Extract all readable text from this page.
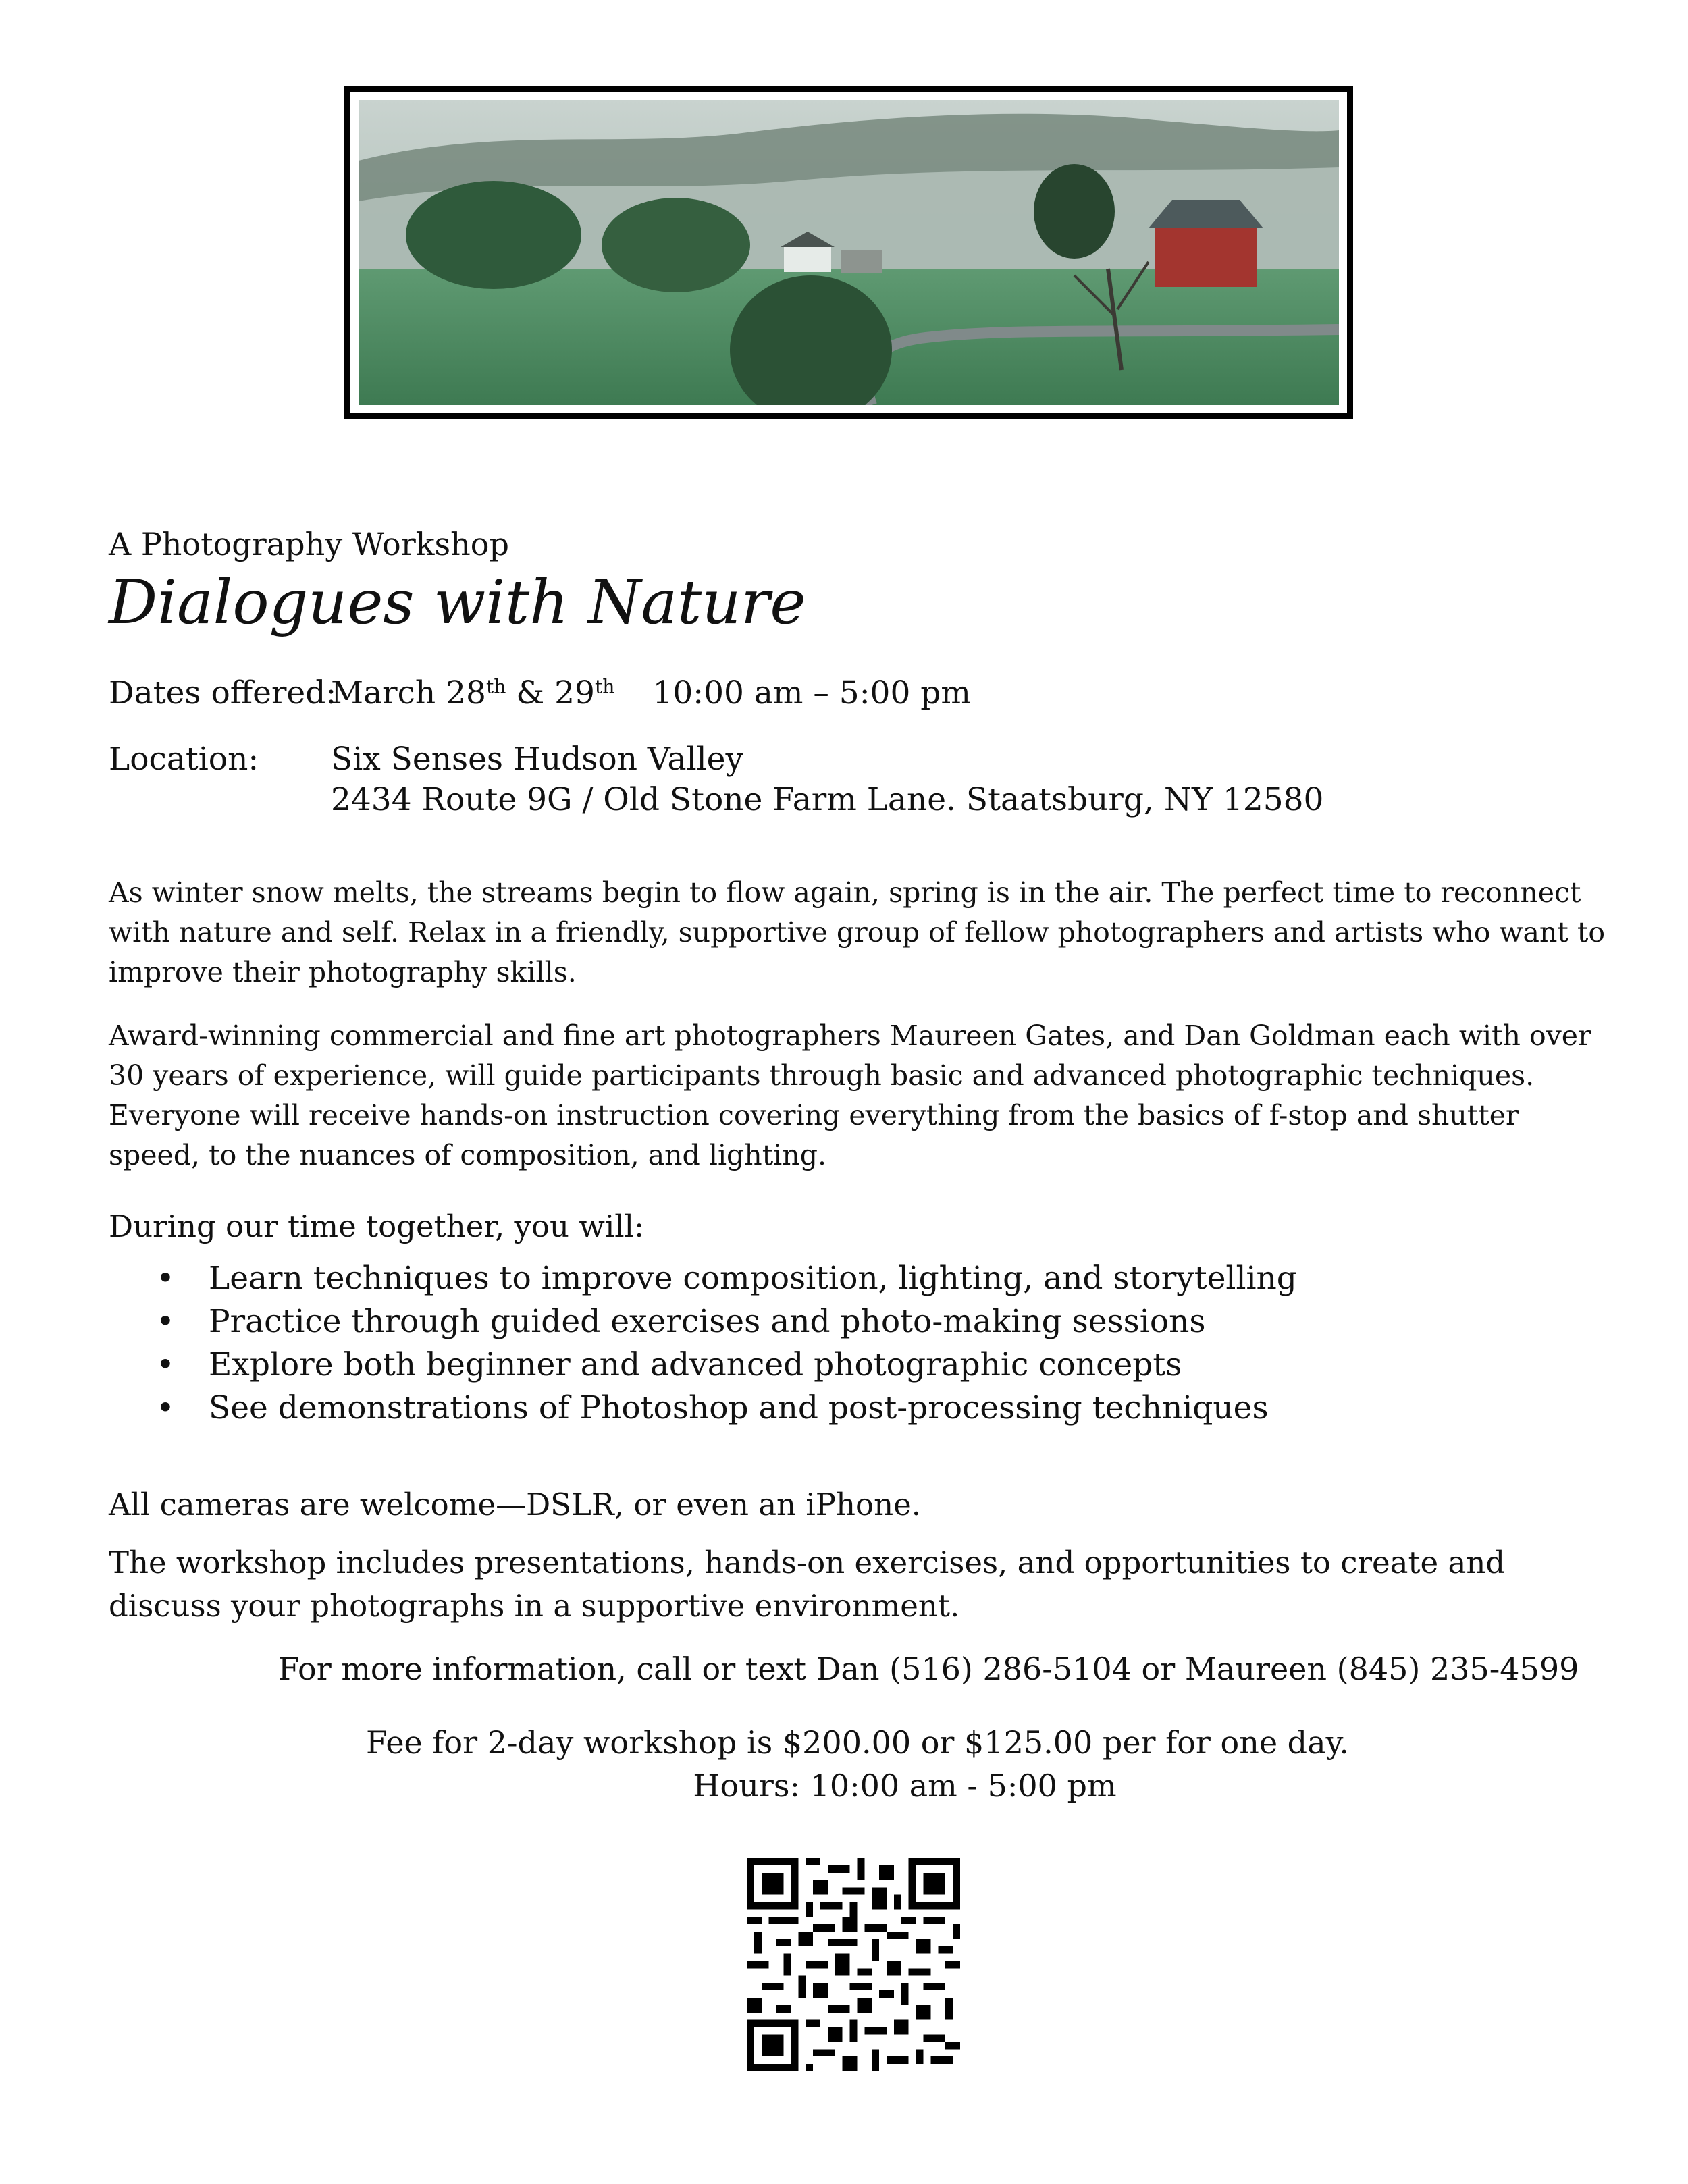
A Photography Workshop
Dialogues with Nature
Dates offered:
March 28th & 29th 10:00 am – 5:00 pm
Location: Six Senses Hudson Valley
2434 Route 9G / Old Stone Farm Lane. Staatsburg, NY 12580

As winter snow melts, the streams begin to flow again, spring is in the air. The perfect time to reconnect with nature and self. Relax in a friendly, supportive group of fellow photographers and artists who want to improve their photography skills.

Award-winning commercial and fine art photographers Maureen Gates, and Dan Goldman each with over 30 years of experience, will guide participants through basic and advanced photographic techniques. Everyone will receive hands-on instruction covering everything from the basics of f-stop and shutter speed, to the nuances of composition, and lighting.

During our time together, you will:

• Learn techniques to improve composition, lighting, and storytelling
• Practice through guided exercises and photo-making sessions
• Explore both beginner and advanced photographic concepts
• See demonstrations of Photoshop and post-processing techniques

All cameras are welcome—DSLR, or even an iPhone.

The workshop includes presentations, hands-on exercises, and opportunities to create and discuss your photographs in a supportive environment.

For more information, call or text Dan (516) 286-5104 or Maureen (845) 235-4599
Fee for 2-day workshop is $200.00 or $125.00 per for one day.
Hours: 10:00 am - 5:00 pm
